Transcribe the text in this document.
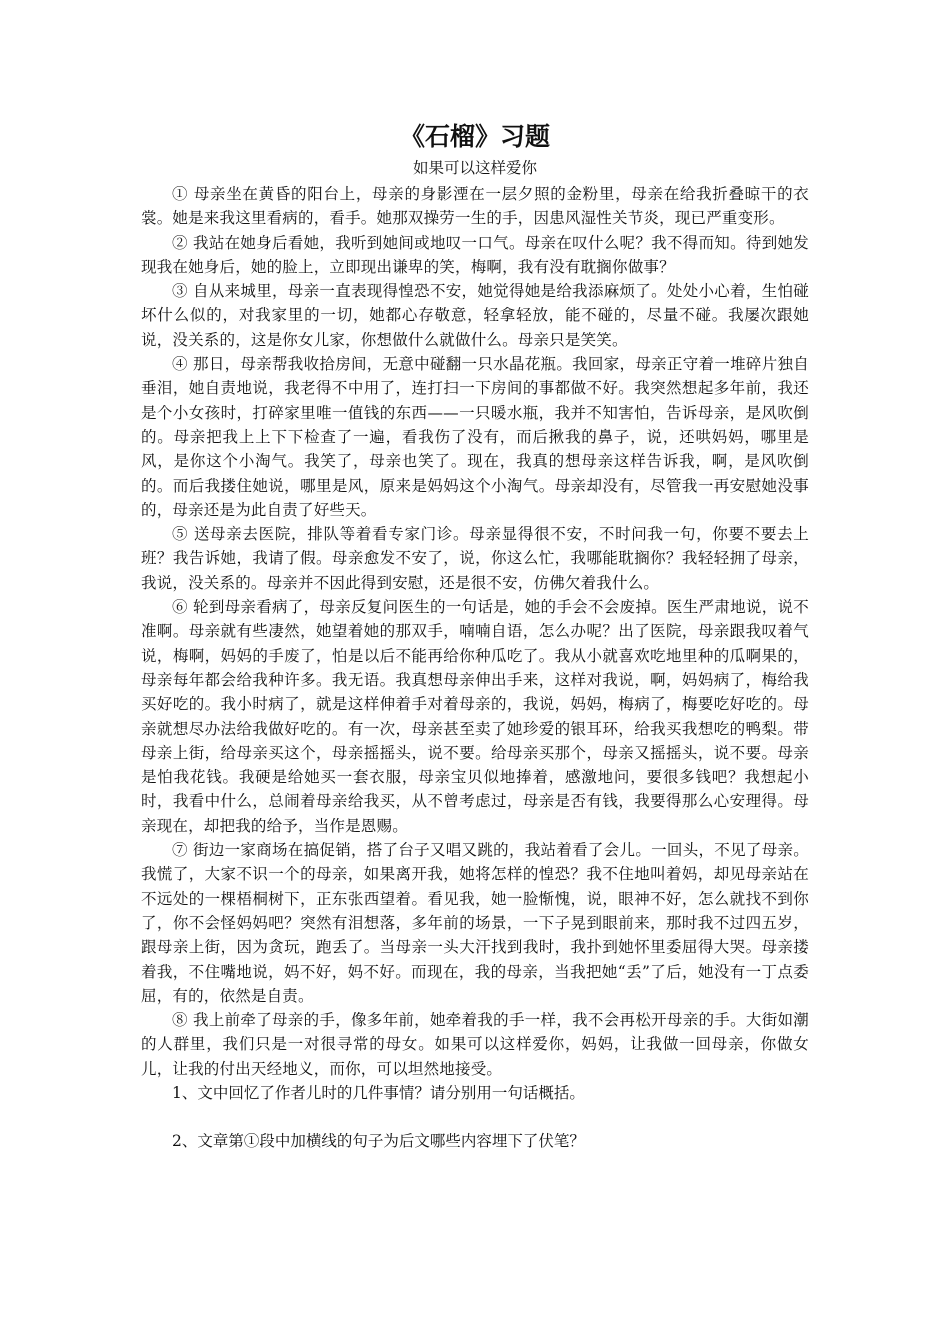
《石榴》习题
如果可以这样爱你

① 母亲坐在黄昏的阳台上，母亲的身影湮在一层夕照的金粉里，母亲在给我折叠晾干的衣裳。她是来我这里看病的，看手。她那双操劳一生的手，因患风湿性关节炎，现已严重变形。

② 我站在她身后看她，我听到她间或地叹一口气。母亲在叹什么呢？我不得而知。待到她发现我在她身后，她的脸上，立即现出谦卑的笑，梅啊，我有没有耽搁你做事？

③ 自从来城里，母亲一直表现得惶恐不安，她觉得她是给我添麻烦了。处处小心着，生怕碰坏什么似的，对我家里的一切，她都心存敬意，轻拿轻放，能不碰的，尽量不碰。我屡次跟她说，没关系的，这是你女儿家，你想做什么就做什么。母亲只是笑笑。

④ 那日，母亲帮我收拾房间，无意中碰翻一只水晶花瓶。我回家，母亲正守着一堆碎片独自垂泪，她自责地说，我老得不中用了，连打扫一下房间的事都做不好。我突然想起多年前，我还是个小女孩时，打碎家里唯一值钱的东西——一只暖水瓶，我并不知害怕，告诉母亲，是风吹倒的。母亲把我上上下下检查了一遍，看我伤了没有，而后揪我的鼻子，说，还哄妈妈，哪里是风，是你这个小淘气。我笑了，母亲也笑了。现在，我真的想母亲这样告诉我，啊，是风吹倒的。而后我搂住她说，哪里是风，原来是妈妈这个小淘气。母亲却没有，尽管我一再安慰她没事的，母亲还是为此自责了好些天。

⑤ 送母亲去医院，排队等着看专家门诊。母亲显得很不安，不时问我一句，你要不要去上班？我告诉她，我请了假。母亲愈发不安了，说，你这么忙，我哪能耽搁你？我轻轻拥了母亲，我说，没关系的。母亲并不因此得到安慰，还是很不安，仿佛欠着我什么。

⑥ 轮到母亲看病了，母亲反复问医生的一句话是，她的手会不会废掉。医生严肃地说，说不准啊。母亲就有些凄然，她望着她的那双手，喃喃自语，怎么办呢？出了医院，母亲跟我叹着气说，梅啊，妈妈的手废了，怕是以后不能再给你种瓜吃了。我从小就喜欢吃地里种的瓜啊果的，母亲每年都会给我种许多。我无语。我真想母亲伸出手来，这样对我说，啊，妈妈病了，梅给我买好吃的。我小时病了，就是这样伸着手对着母亲的，我说，妈妈，梅病了，梅要吃好吃的。母亲就想尽办法给我做好吃的。有一次，母亲甚至卖了她珍爱的银耳环，给我买我想吃的鸭梨。带母亲上街，给母亲买这个，母亲摇摇头，说不要。给母亲买那个，母亲又摇摇头，说不要。母亲是怕我花钱。我硬是给她买一套衣服，母亲宝贝似地捧着，感激地问，要很多钱吧？我想起小时，我看中什么，总闹着母亲给我买，从不曾考虑过，母亲是否有钱，我要得那么心安理得。母亲现在，却把我的给予，当作是恩赐。

⑦ 街边一家商场在搞促销，搭了台子又唱又跳的，我站着看了会儿。一回头，不见了母亲。我慌了，大家不识一个的母亲，如果离开我，她将怎样的惶恐？我不住地叫着妈，却见母亲站在不远处的一棵梧桐树下，正东张西望着。看见我，她一脸惭愧，说，眼神不好，怎么就找不到你了，你不会怪妈妈吧？突然有泪想落，多年前的场景，一下子晃到眼前来，那时我不过四五岁，跟母亲上街，因为贪玩，跑丢了。当母亲一头大汗找到我时，我扑到她怀里委屈得大哭。母亲搂着我，不住嘴地说，妈不好，妈不好。而现在，我的母亲，当我把她“丢”了后，她没有一丁点委屈，有的，依然是自责。

⑧ 我上前牵了母亲的手，像多年前，她牵着我的手一样，我不会再松开母亲的手。大街如潮的人群里，我们只是一对很寻常的母女。如果可以这样爱你，妈妈，让我做一回母亲，你做女儿，让我的付出天经地义，而你，可以坦然地接受。

1、文中回忆了作者儿时的几件事情？请分别用一句话概括。

2、文章第①段中加横线的句子为后文哪些内容埋下了伏笔？
